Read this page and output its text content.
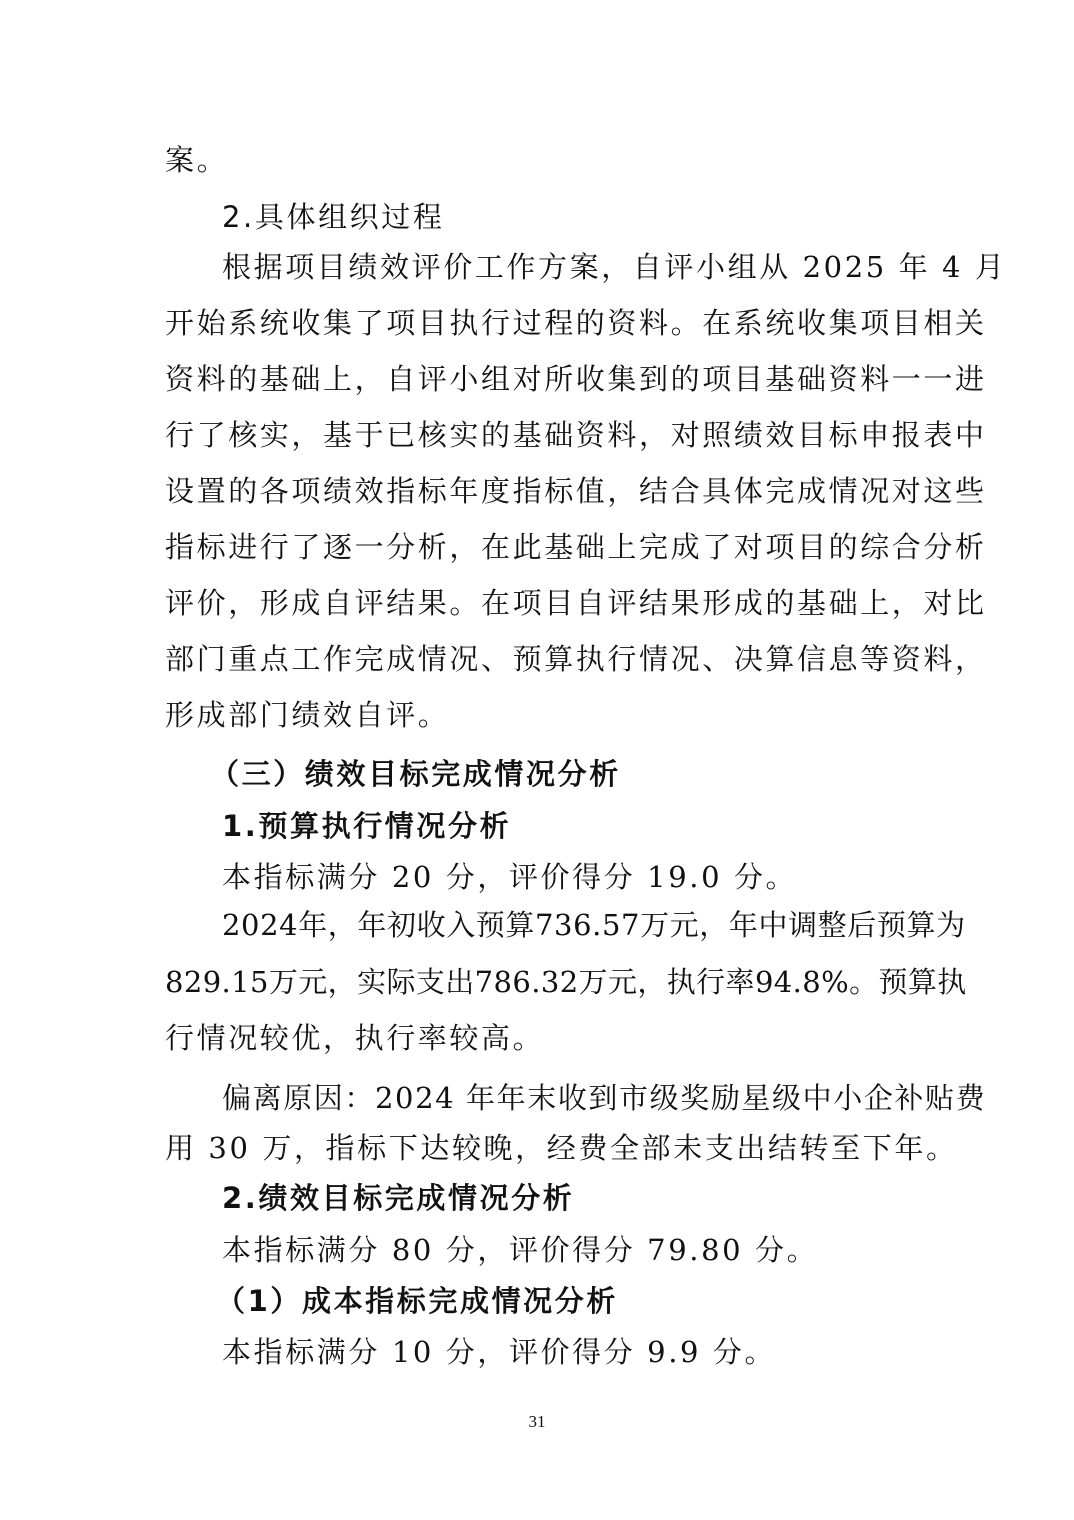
案。
2.具体组织过程
根据项目绩效评价工作方案，自评小组从 2025 年 4 月
开始系统收集了项目执行过程的资料。在系统收集项目相关
资料的基础上，自评小组对所收集到的项目基础资料一一进
行了核实，基于已核实的基础资料，对照绩效目标申报表中
设置的各项绩效指标年度指标值，结合具体完成情况对这些
指标进行了逐一分析，在此基础上完成了对项目的综合分析
评价，形成自评结果。在项目自评结果形成的基础上，对比
部门重点工作完成情况、预算执行情况、决算信息等资料，
形成部门绩效自评。
（三）绩效目标完成情况分析
1.预算执行情况分析
本指标满分 20 分，评价得分 19.0 分。
2024年，年初收入预算736.57万元，年中调整后预算为
829.15万元，实际支出786.32万元，执行率94.8%。预算执
行情况较优，执行率较高。
偏离原因：2024 年年末收到市级奖励星级中小企补贴费
用 30 万，指标下达较晚，经费全部未支出结转至下年。
2.绩效目标完成情况分析
本指标满分 80 分，评价得分 79.80 分。
（1）成本指标完成情况分析
本指标满分 10 分，评价得分 9.9 分。
31
